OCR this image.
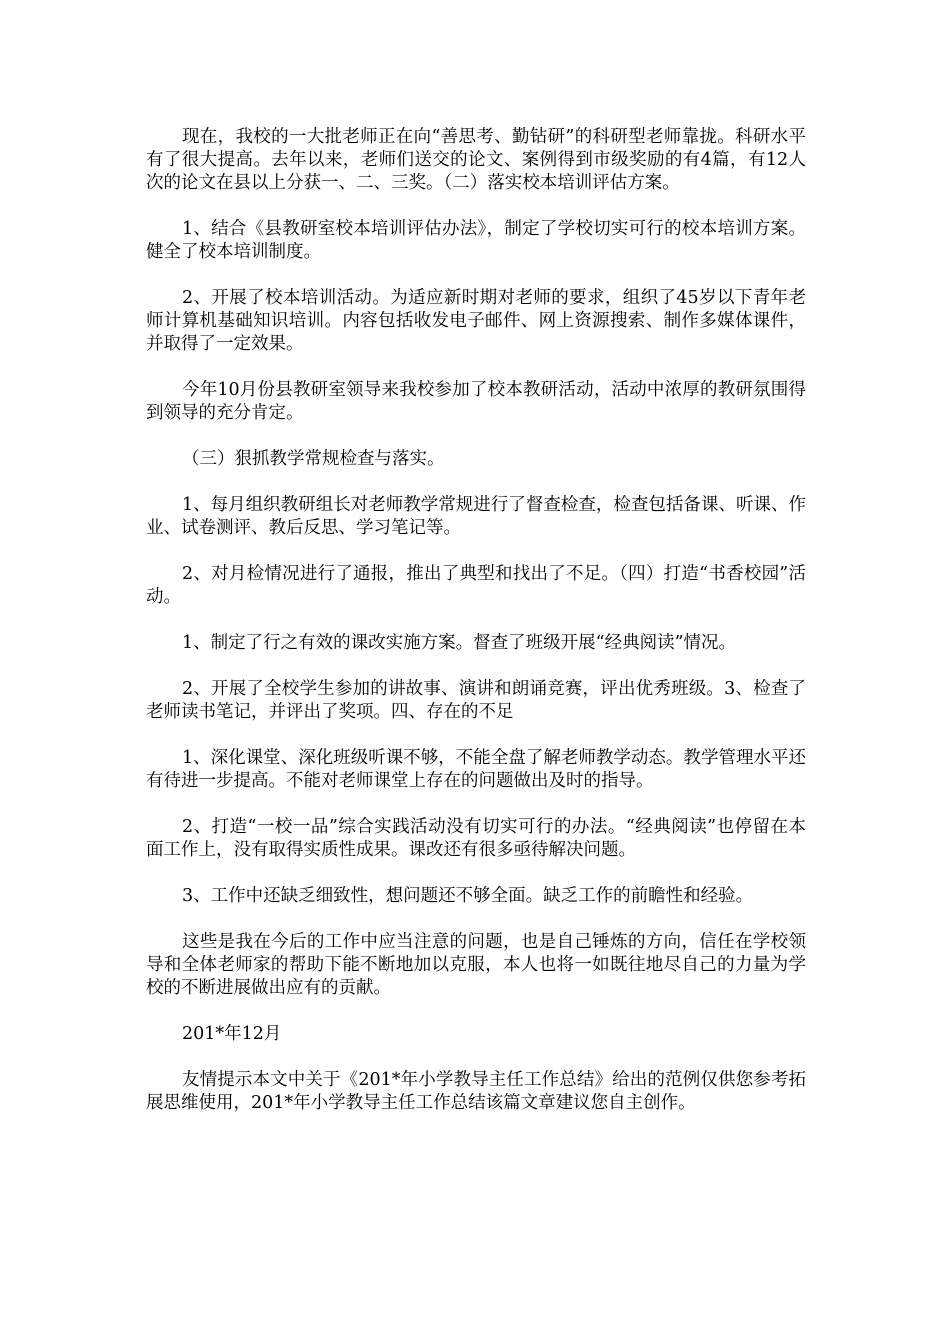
现在，我校的一大批老师正在向“善思考、勤钻研”的科研型老师靠拢。科研水平有了很大提高。去年以来，老师们送交的论文、案例得到市级奖励的有4篇，有12人次的论文在县以上分获一、二、三奖。（二）落实校本培训评估方案。

1、结合《县教研室校本培训评估办法》，制定了学校切实可行的校本培训方案。健全了校本培训制度。

2、开展了校本培训活动。为适应新时期对老师的要求，组织了45岁以下青年老师计算机基础知识培训。内容包括收发电子邮件、网上资源搜索、制作多媒体课件，并取得了一定效果。

今年10月份县教研室领导来我校参加了校本教研活动，活动中浓厚的教研氛围得到领导的充分肯定。

（三）狠抓教学常规检查与落实。

1、每月组织教研组长对老师教学常规进行了督查检查，检查包括备课、听课、作业、试卷测评、教后反思、学习笔记等。

2、对月检情况进行了通报，推出了典型和找出了不足。（四）打造“书香校园”活动。

1、制定了行之有效的课改实施方案。督查了班级开展“经典阅读”情况。

2、开展了全校学生参加的讲故事、演讲和朗诵竞赛，评出优秀班级。3、检查了老师读书笔记，并评出了奖项。四、存在的不足

1、深化课堂、深化班级听课不够，不能全盘了解老师教学动态。教学管理水平还有待进一步提高。不能对老师课堂上存在的问题做出及时的指导。

2、打造“一校一品”综合实践活动没有切实可行的办法。“经典阅读”也停留在本面工作上，没有取得实质性成果。课改还有很多亟待解决问题。

3、工作中还缺乏细致性，想问题还不够全面。缺乏工作的前瞻性和经验。

这些是我在今后的工作中应当注意的问题，也是自己锤炼的方向，信任在学校领导和全体老师家的帮助下能不断地加以克服，本人也将一如既往地尽自己的力量为学校的不断进展做出应有的贡献。

201*年12月

友情提示本文中关于《201*年小学教导主任工作总结》给出的范例仅供您参考拓展思维使用，201*年小学教导主任工作总结该篇文章建议您自主创作。
